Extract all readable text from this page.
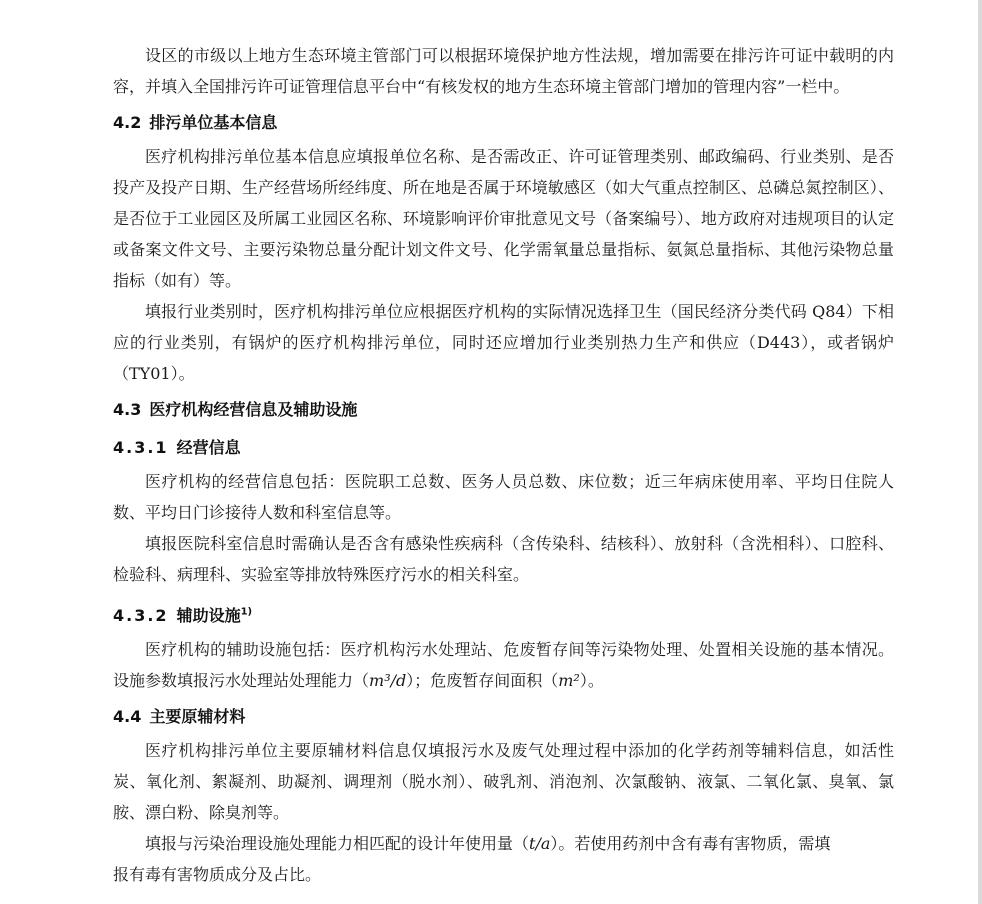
设区的市级以上地方生态环境主管部门可以根据环境保护地方性法规，增加需要在排污许可证中载明的内容，并填入全国排污许可证管理信息平台中“有核发权的地方生态环境主管部门增加的管理内容”一栏中。

4.2 排污单位基本信息

医疗机构排污单位基本信息应填报单位名称、是否需改正、许可证管理类别、邮政编码、行业类别、是否投产及投产日期、生产经营场所经纬度、所在地是否属于环境敏感区（如大气重点控制区、总磷总氮控制区）、是否位于工业园区及所属工业园区名称、环境影响评价审批意见文号（备案编号）、地方政府对违规项目的认定或备案文件文号、主要污染物总量分配计划文件文号、化学需氧量总量指标、氨氮总量指标、其他污染物总量指标（如有）等。

填报行业类别时，医疗机构排污单位应根据医疗机构的实际情况选择卫生（国民经济分类代码 Q84）下相应的行业类别，有锅炉的医疗机构排污单位，同时还应增加行业类别热力生产和供应（D443），或者锅炉（TY01）。

4.3 医疗机构经营信息及辅助设施
4.3.1 经营信息

医疗机构的经营信息包括：医院职工总数、医务人员总数、床位数；近三年病床使用率、平均日住院人数、平均日门诊接待人数和科室信息等。

填报医院科室信息时需确认是否含有感染性疾病科（含传染科、结核科）、放射科（含洗相科）、口腔科、检验科、病理科、实验室等排放特殊医疗污水的相关科室。

4.3.2 辅助设施$^{1)}$

医疗机构的辅助设施包括：医疗机构污水处理站、危废暂存间等污染物处理、处置相关设施的基本情况。设施参数填报污水处理站处理能力（m³/d）；危废暂存间面积（m²）。

4.4 主要原辅材料

医疗机构排污单位主要原辅材料信息仅填报污水及废气处理过程中添加的化学药剂等辅料信息，如活性炭、氧化剂、絮凝剂、助凝剂、调理剂（脱水剂）、破乳剂、消泡剂、次氯酸钠、液氯、二氧化氯、臭氧、氯胺、漂白粉、除臭剂等。

填报与污染治理设施处理能力相匹配的设计年使用量（t/a）。若使用药剂中含有毒有害物质，需填

报有毒有害物质成分及占比。
